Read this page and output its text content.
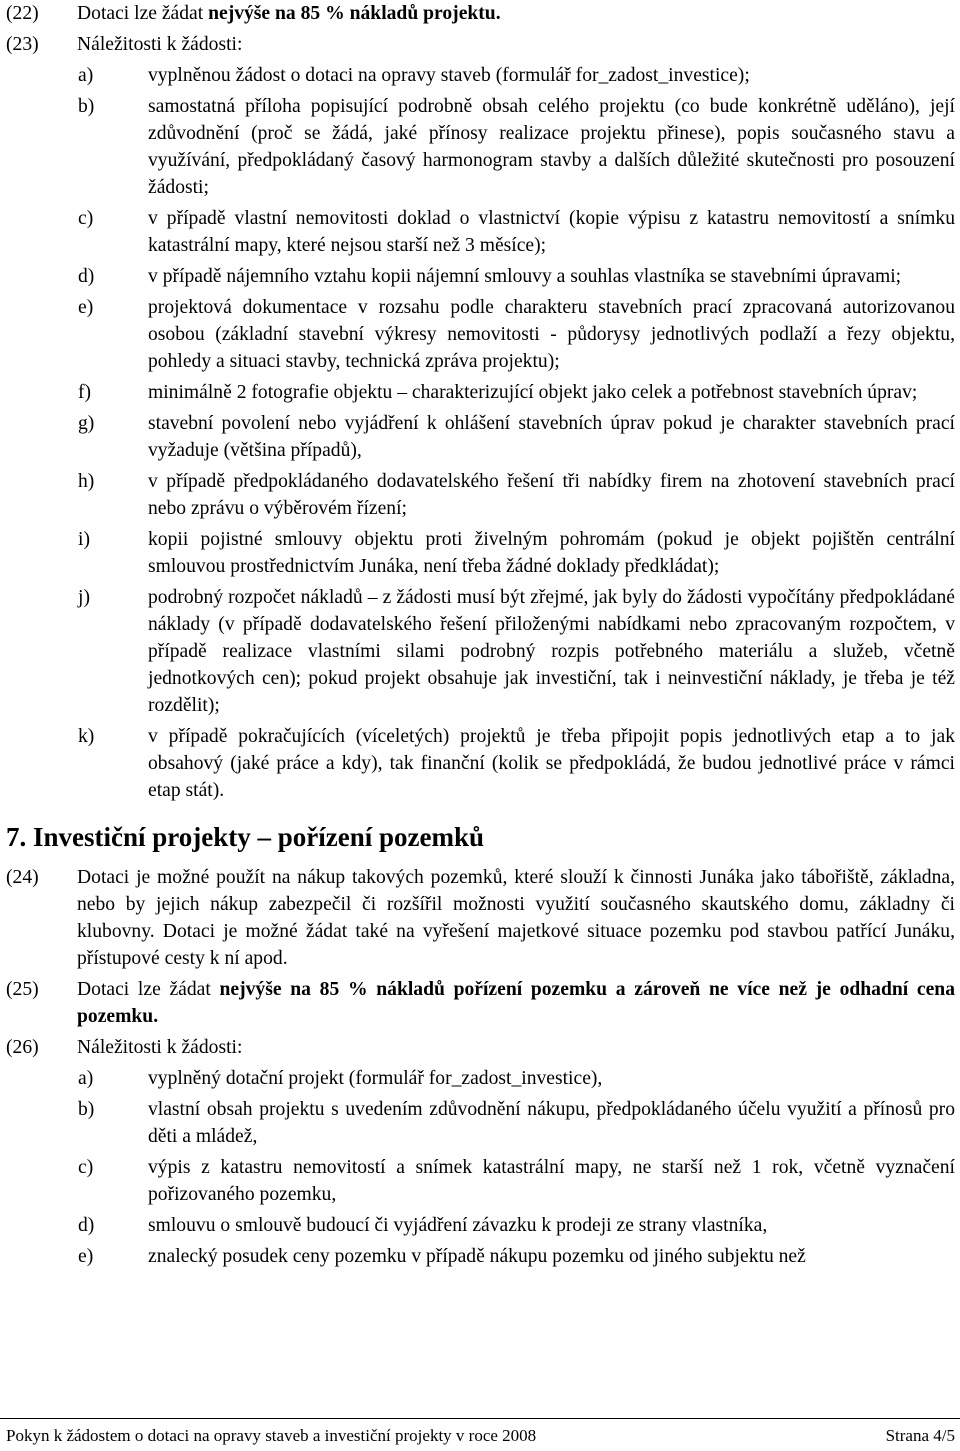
(22)	Dotaci lze žádat nejvýše na 85 % nákladů projektu.
(23)	Náležitosti k žádosti:
a)	vyplněnou žádost o dotaci na opravy staveb (formulář for_zadost_investice);
b)	samostatná příloha popisující podrobně obsah celého projektu (co bude konkrétně uděláno), její zdůvodnění (proč se žádá, jaké přínosy realizace projektu přinese), popis současného stavu a využívání, předpokládaný časový harmonogram stavby a dalších důležité skutečnosti pro posouzení žádosti;
c)	v případě vlastní nemovitosti doklad o vlastnictví (kopie výpisu z katastru nemovitostí a snímku katastrální mapy, které nejsou starší než 3 měsíce);
d)	v případě nájemního vztahu kopii nájemní smlouvy a souhlas vlastníka se stavebními úpravami;
e)	projektová dokumentace v rozsahu podle charakteru stavebních prací zpracovaná autorizovanou osobou (základní stavební výkresy nemovitosti - půdorysy jednotlivých podlaží a řezy objektu, pohledy a situaci stavby, technická zpráva projektu);
f)	minimálně 2 fotografie objektu – charakterizující objekt jako celek a potřebnost stavebních úprav;
g)	stavební povolení nebo vyjádření k ohlášení stavebních úprav pokud je charakter stavebních prací vyžaduje (většina případů),
h)	v případě předpokládaného dodavatelského řešení tři nabídky firem na zhotovení stavebních prací nebo zprávu o výběrovém řízení;
i)	kopii pojistné smlouvy objektu proti živelným pohromám (pokud je objekt pojištěn centrální smlouvou prostřednictvím Junáka, není třeba žádné doklady předkládat);
j)	podrobný rozpočet nákladů – z žádosti musí být zřejmé, jak byly do žádosti vypočítány předpokládané náklady (v případě dodavatelského řešení přiloženými nabídkami nebo zpracovaným rozpočtem, v případě realizace vlastními silami podrobný rozpis potřebného materiálu a služeb, včetně jednotkových cen); pokud projekt obsahuje jak investiční, tak i neinvestiční náklady, je třeba je též rozdělit);
k)	v případě pokračujících (víceletých) projektů je třeba připojit popis jednotlivých etap a to jak obsahový (jaké práce a kdy), tak finanční (kolik se předpokládá, že budou jednotlivé práce v rámci etap stát).
7. Investiční projekty – pořízení pozemků
(24)	Dotaci je možné použít na nákup takových pozemků, které slouží k činnosti Junáka jako tábořiště, základna, nebo by jejich nákup zabezpečil či rozšířil možnosti využití současného skautského domu, základny či klubovny. Dotaci je možné žádat také na vyřešení majetkové situace pozemku pod stavbou patřící Junáku, přístupové cesty k ní apod.
(25)	Dotaci lze žádat nejvýše na 85 % nákladů pořízení pozemku a zároveň ne více než je odhadní cena pozemku.
(26)	Náležitosti k žádosti:
a)	vyplněný dotační projekt (formulář for_zadost_investice),
b)	vlastní obsah projektu s uvedením zdůvodnění nákupu, předpokládaného účelu využití a přínosů pro děti a mládež,
c)	výpis z katastru nemovitostí a snímek katastrální mapy, ne starší než 1 rok, včetně vyznačení pořizovaného pozemku,
d)	smlouvu o smlouvě budoucí či vyjádření závazku k prodeji ze strany vlastníka,
e)	znalecký posudek ceny pozemku v případě nákupu pozemku od jiného subjektu než
Pokyn k žádostem o dotaci na opravy staveb a investiční projekty v roce 2008	Strana 4/5
